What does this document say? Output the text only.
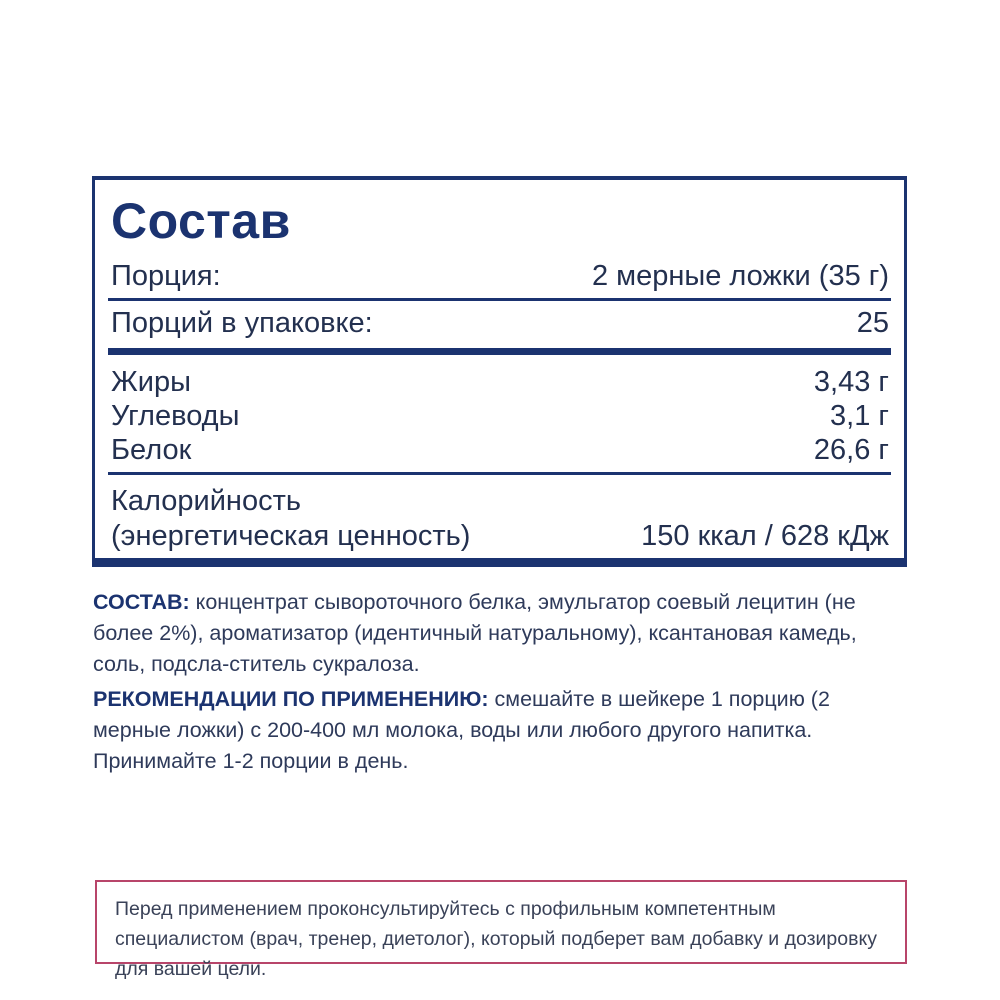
Состав
Порция:	2 мерные ложки (35 г)
Порций в упаковке:	25
Жиры	3,43 г
Углеводы	3,1 г
Белок	26,6 г
Калорийность
(энергетическая ценность)	150 ккал / 628 кДж
СОСТАВ: концентрат сывороточного белка, эмульгатор соевый лецитин (не более 2%), ароматизатор (идентичный натуральному), ксантановая камедь, соль, подсла-ститель сукралоза.
РЕКОМЕНДАЦИИ ПО ПРИМЕНЕНИЮ: смешайте в шейкере 1 порцию (2 мерные ложки) с 200-400 мл молока, воды или любого другого напитка. Принимайте 1-2 порции в день.
Перед применением проконсультируйтесь с профильным компетентным специалистом (врач, тренер, диетолог), который подберет вам добавку и дозировку для вашей цели.
